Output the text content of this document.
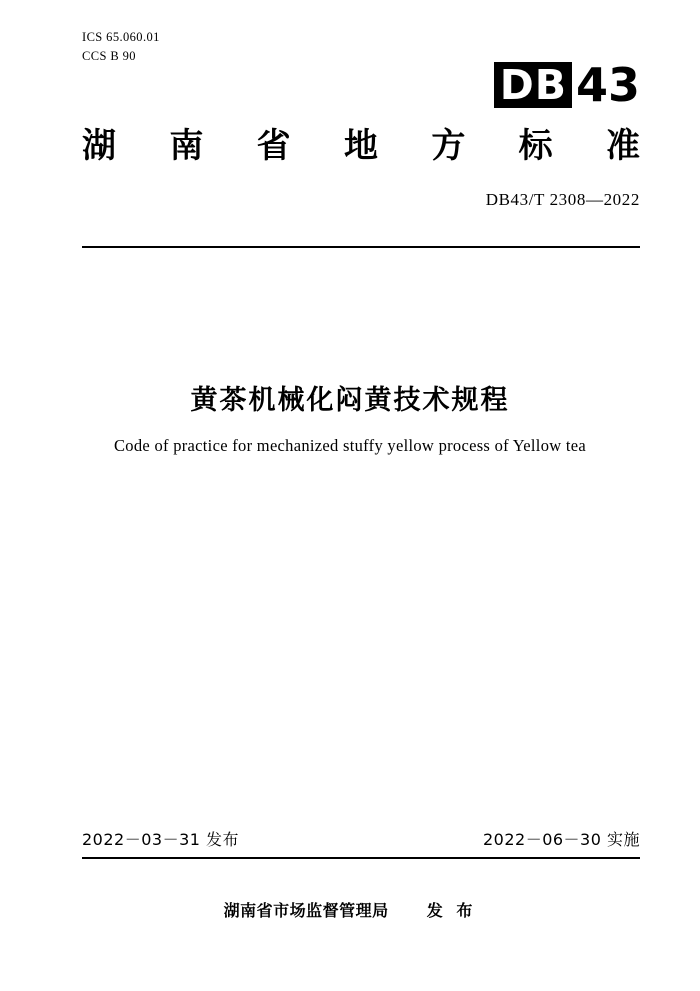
ICS 65.060.01
CCS B 90
DB 43
湖 南 省 地 方 标 准
DB43/T 2308—2022
黄茶机械化闷黄技术规程
Code of practice for mechanized stuffy yellow process of Yellow tea
2022－03－31 发布	2022－06－30 实施
湖南省市场监督管理局 发 布
